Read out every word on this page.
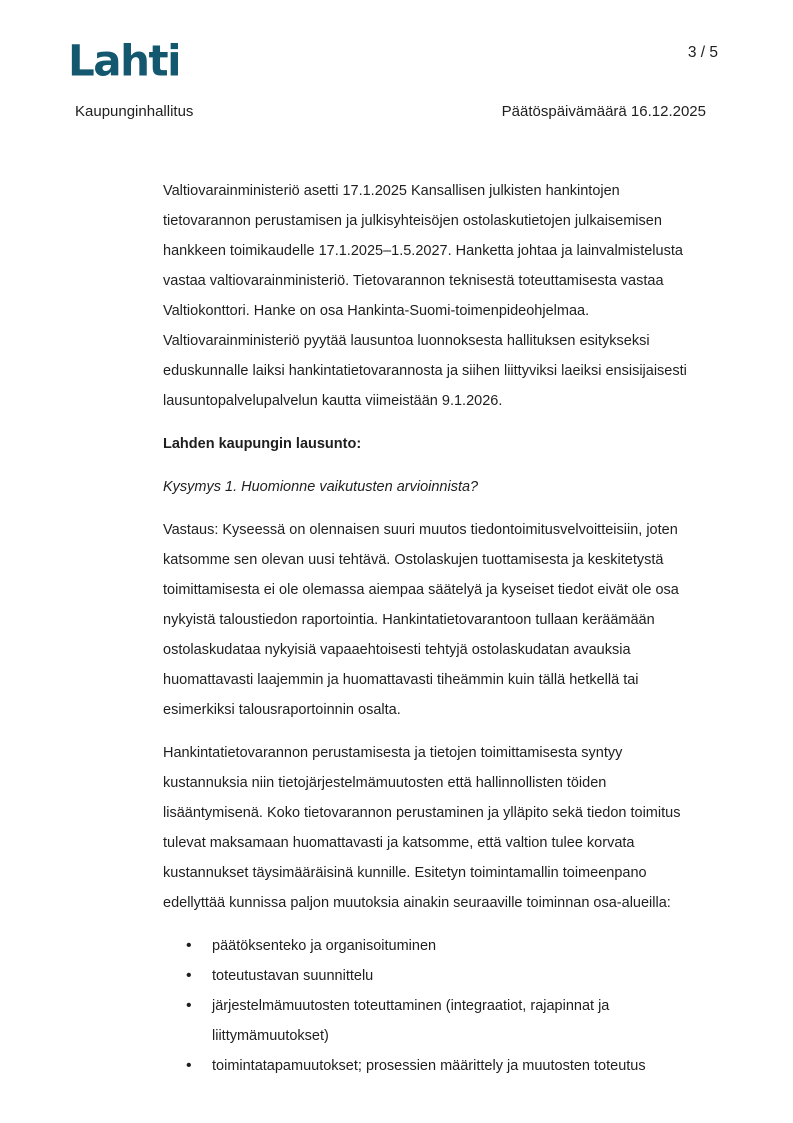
Lahti	3 / 5
Kaupunginhallitus	Päätöspäivämäärä 16.12.2025

Valtiovarainministeriö asetti 17.1.2025 Kansallisen julkisten hankintojen tietovarannon perustamisen ja julkisyhteisöjen ostolaskutietojen julkaisemisen hankkeen toimikaudelle 17.1.2025–1.5.2027. Hanketta johtaa ja lainvalmistelusta vastaa valtiovarainministeriö. Tietovarannon teknisestä toteuttamisesta vastaa Valtiokonttori. Hanke on osa Hankinta-Suomi-toimenpideohjelmaa. Valtiovarainministeriö pyytää lausuntoa luonnoksesta hallituksen esitykseksi eduskunnalle laiksi hankintatietovarannosta ja siihen liittyviksi laeiksi ensisijaisesti lausuntopalvelupalvelun kautta viimeistään 9.1.2026.

Lahden kaupungin lausunto:

Kysymys 1. Huomionne vaikutusten arvioinnista?

Vastaus: Kyseessä on olennaisen suuri muutos tiedontoimitusvelvoitteisiin, joten katsomme sen olevan uusi tehtävä. Ostolaskujen tuottamisesta ja keskitetystä toimittamisesta ei ole olemassa aiempaa säätelyä ja kyseiset tiedot eivät ole osa nykyistä taloustiedon raportointia. Hankintatietovarantoon tullaan keräämään ostolaskudataa nykyisiä vapaaehtoisesti tehtyjä ostolaskudatan avauksia huomattavasti laajemmin ja huomattavasti tiheämmin kuin tällä hetkellä tai esimerkiksi talousraportoinnin osalta.

Hankintatietovarannon perustamisesta ja tietojen toimittamisesta syntyy kustannuksia niin tietojärjestelmämuutosten että hallinnollisten töiden lisääntymisenä. Koko tietovarannon perustaminen ja ylläpito sekä tiedon toimitus tulevat maksamaan huomattavasti ja katsomme, että valtion tulee korvata kustannukset täysimääräisinä kunnille. Esitetyn toimintamallin toimeenpano edellyttää kunnissa paljon muutoksia ainakin seuraaville toiminnan osa-alueilla:

• päätöksenteko ja organisoituminen
• toteutustavan suunnittelu
• järjestelmämuutosten toteuttaminen (integraatiot, rajapinnat ja liittymämuutokset)
• toimintatapamuutokset; prosessien määrittely ja muutosten toteutus
